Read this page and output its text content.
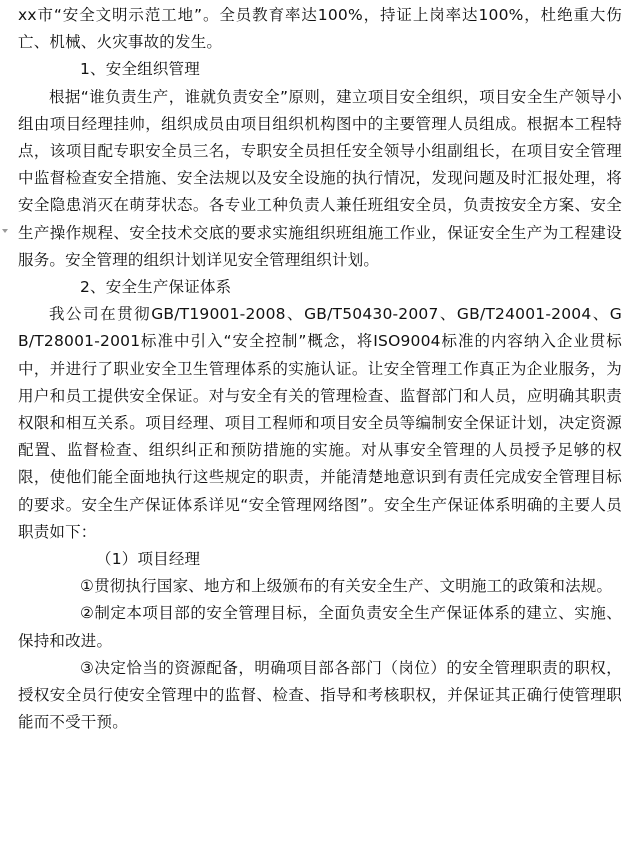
xx市“安全文明示范工地”。全员教育率达100%，持证上岗率达100%，杜绝重大伤亡、机械、火灾事故的发生。

1、安全组织管理

根据“谁负责生产，谁就负责安全”原则，建立项目安全组织，项目安全生产领导小组由项目经理挂帅，组织成员由项目组织机构图中的主要管理人员组成。根据本工程特点，该项目配专职安全员三名，专职安全员担任安全领导小组副组长，在项目安全管理中监督检查安全措施、安全法规以及安全设施的执行情况，发现问题及时汇报处理，将安全隐患消灭在萌芽状态。各专业工种负责人兼任班组安全员，负责按安全方案、安全生产操作规程、安全技术交底的要求实施组织班组施工作业，保证安全生产为工程建设服务。安全管理的组织计划详见安全管理组织计划。

2、安全生产保证体系

我公司在贯彻GB/T19001-2008、GB/T50430-2007、GB/T24001-2004、GB/T28001-2001标准中引入“安全控制”概念，将ISO9004标准的内容纳入企业贯标中，并进行了职业安全卫生管理体系的实施认证。让安全管理工作真正为企业服务，为用户和员工提供安全保证。对与安全有关的管理检查、监督部门和人员，应明确其职责权限和相互关系。项目经理、项目工程师和项目安全员等编制安全保证计划，决定资源配置、监督检查、组织纠正和预防措施的实施。对从事安全管理的人员授予足够的权限，使他们能全面地执行这些规定的职责，并能清楚地意识到有责任完成安全管理目标的要求。安全生产保证体系详见“安全管理网络图”。安全生产保证体系明确的主要人员职责如下：

（1）项目经理

①贯彻执行国家、地方和上级颁布的有关安全生产、文明施工的政策和法规。

②制定本项目部的安全管理目标，全面负责安全生产保证体系的建立、实施、保持和改进。

③决定恰当的资源配备，明确项目部各部门（岗位）的安全管理职责的职权，授权安全员行使安全管理中的监督、检查、指导和考核职权，并保证其正确行使管理职能而不受干预。
